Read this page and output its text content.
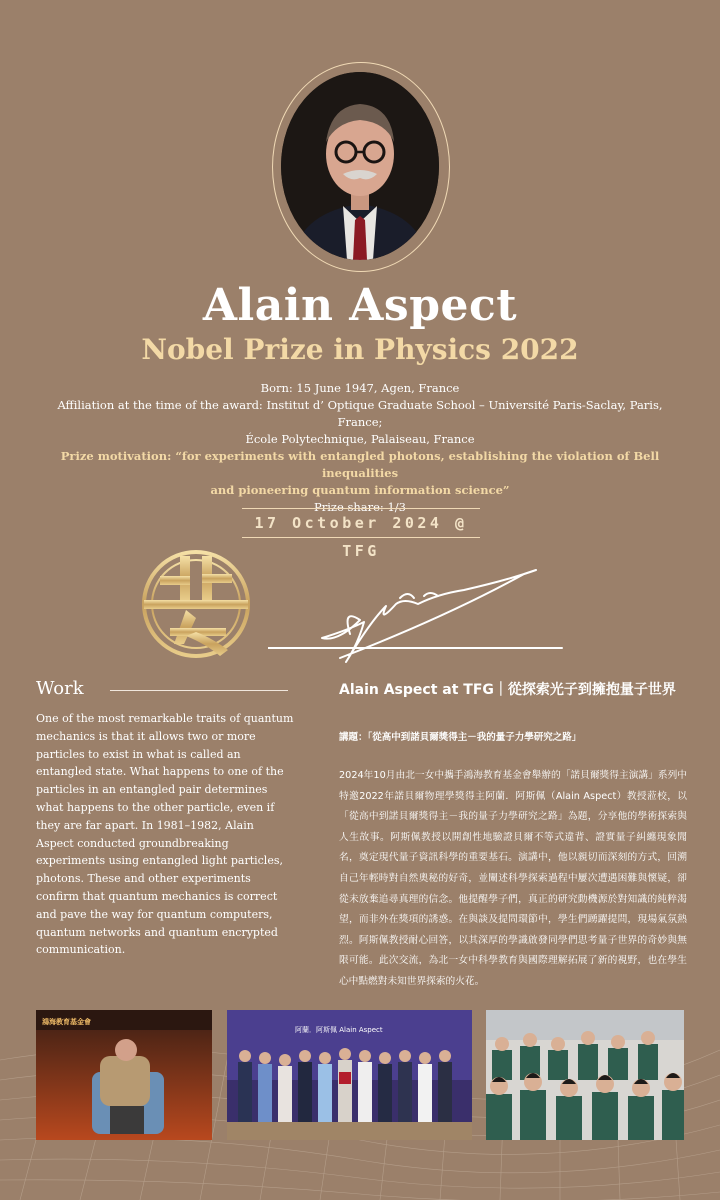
Alain Aspect
Nobel Prize in Physics 2022
Born: 15 June 1947, Agen, France
Affiliation at the time of the award: Institut d’ Optique Graduate School – Université Paris-Saclay, Paris, France;
École Polytechnique, Palaiseau, France
Prize motivation: “for experiments with entangled photons, establishing the violation of Bell inequalities
and pioneering quantum information science”
Prize share: 1/3
17 October 2024 @ TFG
Work
One of the most remarkable traits of quantum mechanics is that it allows two or more particles to exist in what is called an entangled state. What happens to one of the particles in an entangled pair determines what happens to the other particle, even if they are far apart. In 1981–1982, Alain Aspect conducted groundbreaking experiments using entangled light particles, photons. These and other experiments confirm that quantum mechanics is correct and pave the way for quantum computers, quantum networks and quantum encrypted communication.
Alain Aspect at TFG｜從探索光子到擁抱量子世界
講題：「從高中到諾貝爾獎得主－我的量子力學研究之路」
2024年10月由北一女中攜手鴻海教育基金會舉辦的「諾貝爾獎得主演講」系列中特邀2022年諾貝爾物理學獎得主阿蘭．阿斯佩（Alain Aspect）教授蒞校，以「從高中到諾貝爾獎得主－我的量子力學研究之路」為題，分享他的學術探索與人生故事。阿斯佩教授以開創性地驗證貝爾不等式違背、證實量子糾纏現象聞名，奠定現代量子資訊科學的重要基石。演講中，他以親切而深刻的方式，回溯自己年輕時對自然奧秘的好奇，並闡述科學探索過程中屢次遭遇困難與懷疑，卻從未放棄追尋真理的信念。他提醒學子們，真正的研究動機源於對知識的純粹渴望，而非外在獎項的誘惑。在與談及提問環節中，學生們踴躍提問，現場氣氛熱烈。阿斯佩教授耐心回答，以其深厚的學識啟發同學們思考量子世界的奇妙與無限可能。此次交流，為北一女中科學教育與國際理解拓展了新的視野，也在學生心中點燃對未知世界探索的火花。
鴻海教育基金會
阿蘭．阿斯佩 Alain Aspect
